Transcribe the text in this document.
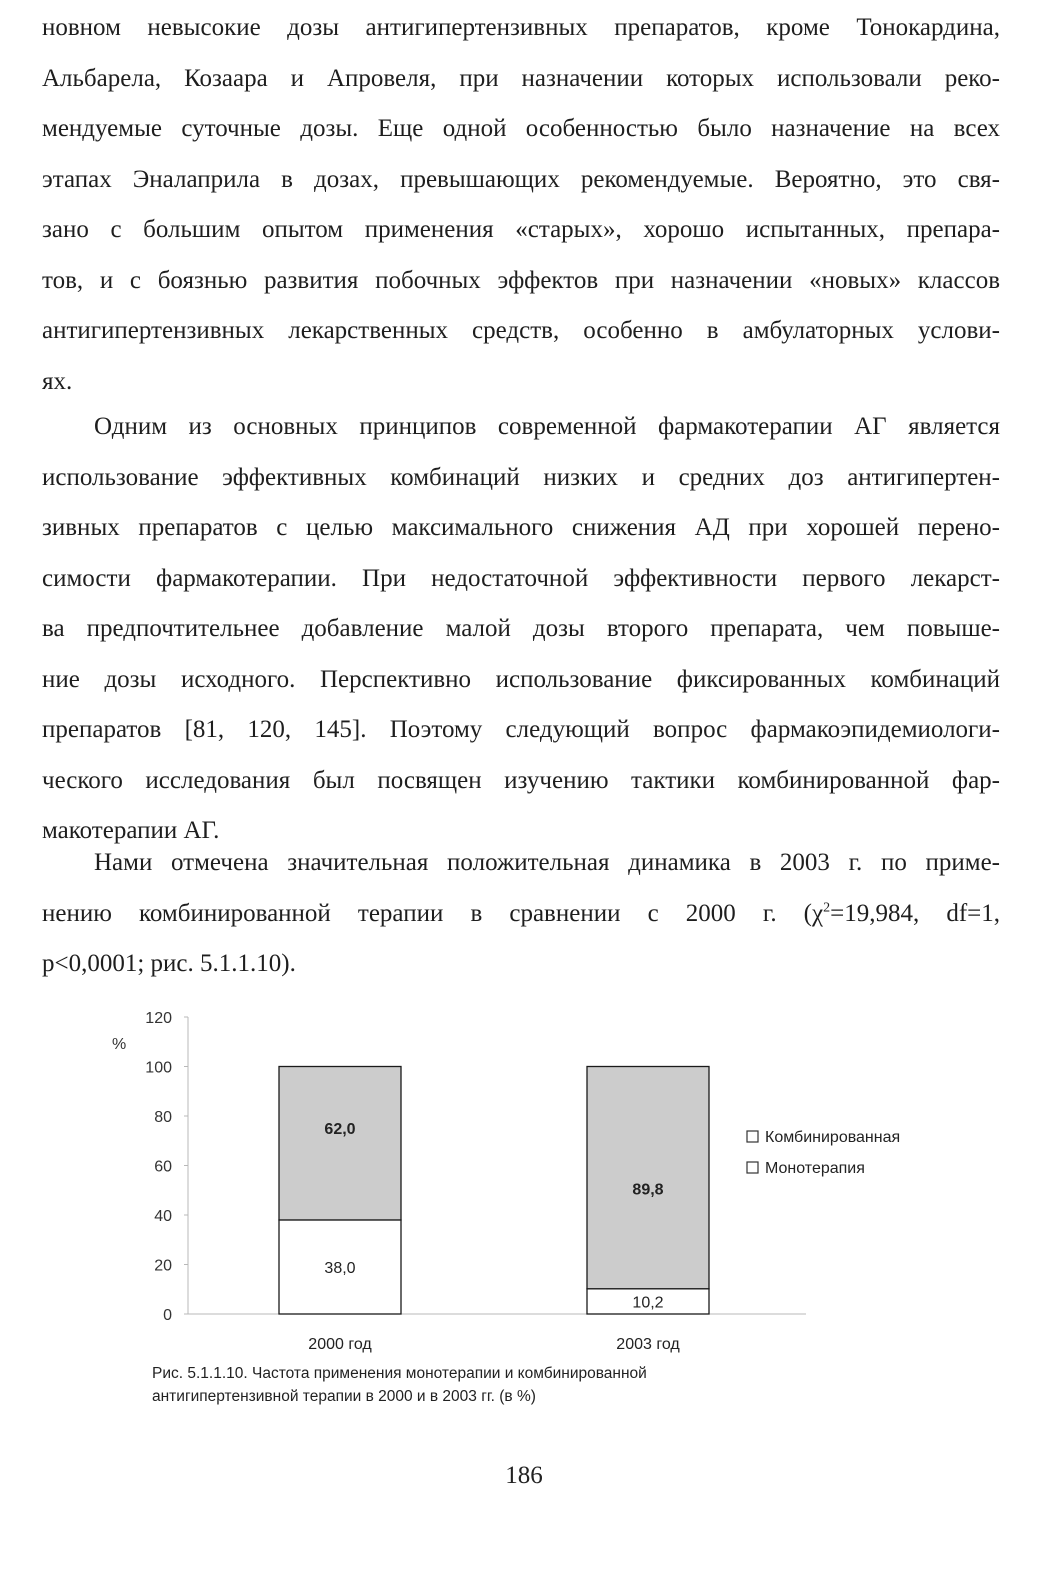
новном невысокие дозы антигипертензивных препаратов, кроме Тонокардина,
Альбарела, Козаара и Апровеля, при назначении которых использовали реко-
мендуемые суточные дозы. Еще одной особенностью было назначение на всех
этапах Эналаприла в дозах, превышающих рекомендуемые. Вероятно, это свя-
зано с большим опытом применения «старых», хорошо испытанных, препара-
тов, и с боязнью развития побочных эффектов при назначении «новых» классов
антигипертензивных лекарственных средств, особенно в амбулаторных услови-
ях.
Одним из основных принципов современной фармакотерапии АГ является
использование эффективных комбинаций низких и средних доз антигипертен-
зивных препаратов с целью максимального снижения АД при хорошей перено-
симости фармакотерапии. При недостаточной эффективности первого лекарст-
ва предпочтительнее добавление малой дозы второго препарата, чем повыше-
ние дозы исходного. Перспективно использование фиксированных комбинаций
препаратов [81, 120, 145]. Поэтому следующий вопрос фармакоэпидемиологи-
ческого исследования был посвящен изучению тактики комбинированной фар-
макотерапии АГ.
Нами отмечена значительная положительная динамика в 2003 г. по приме-
нению комбинированной терапии в сравнении с 2000 г. ($\chi^2=19,984$, df=1,
p<0,0001; рис. 5.1.1.10).
0
20
40
60
80
100
120
%
38,0
62,0
2000 год
10,2
89,8
2003 год
Комбинированная
Монотерапия
Рис. 5.1.1.10. Частота применения монотерапии и комбинированной
антигипертензивной терапии в 2000 и в 2003 гг. (в %)
186
